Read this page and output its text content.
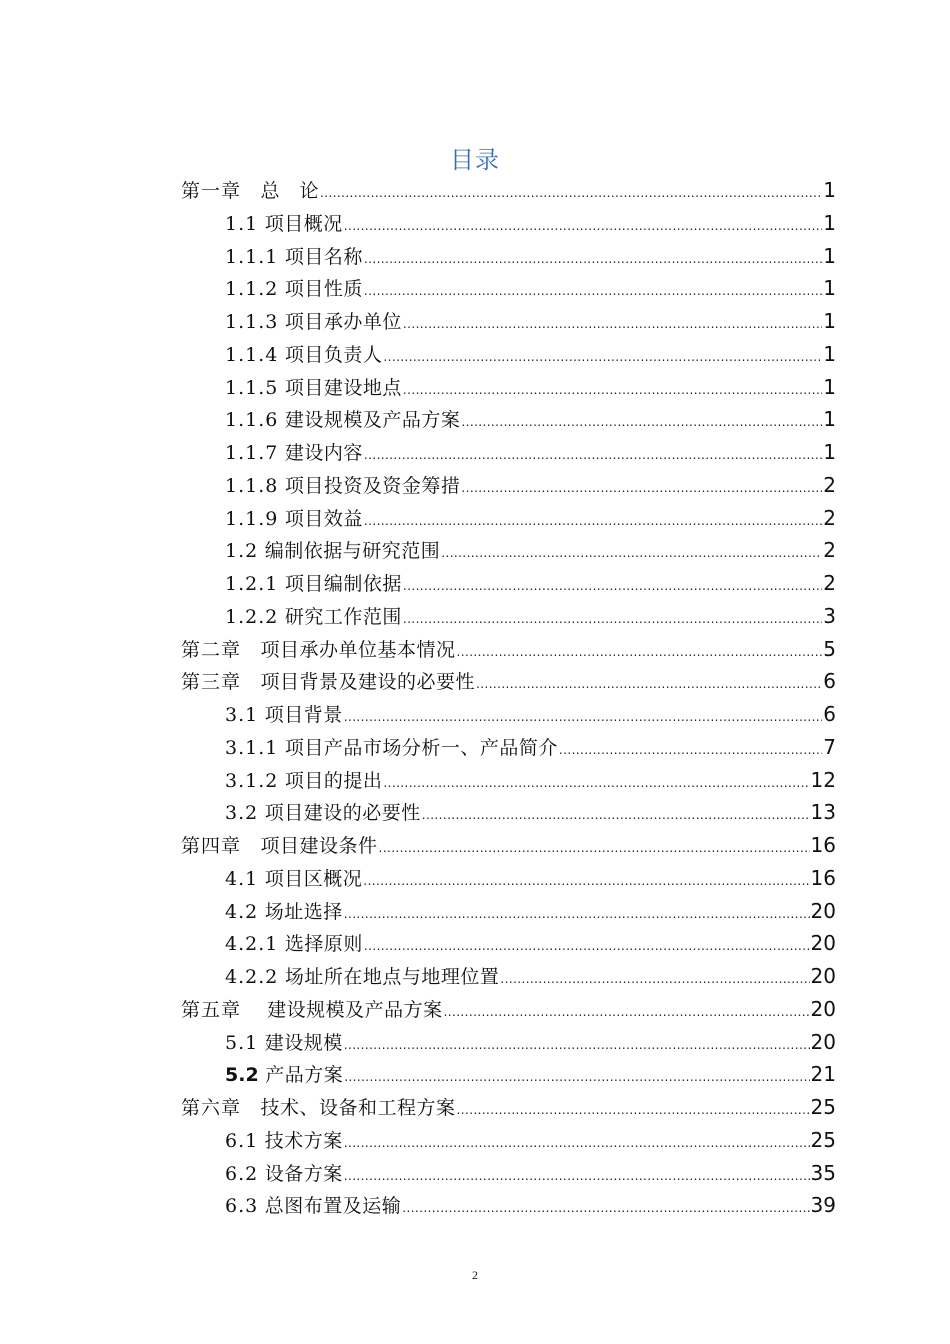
目录
第一章　 总　论 .....	1
1.1 项目概况 .....	1
1.1.1 项目名称 .....	1
1.1.2 项目性质 .....	1
1.1.3 项目承办单位 .....	1
1.1.4 项目负责人 .....	1
1.1.5 项目建设地点 .....	1
1.1.6 建设规模及产品方案 .....	1
1.1.7 建设内容 .....	1
1.1.8 项目投资及资金筹措 .....	2
1.1.9 项目效益 .....	2
1.2 编制依据与研究范围 .....	2
1.2.1 项目编制依据 .....	2
1.2.2 研究工作范围 .....	3
第二章　 项目承办单位基本情况 .....	5
第三章　 项目背景及建设的必要性 .....	6
3.1 项目背景 .....	6
3.1.1 项目产品市场分析一、产品简介 .....	7
3.1.2 项目的提出 .....	12
3.2 项目建设的必要性 .....	13
第四章　 项目建设条件 .....	16
4.1 项目区概况 .....	16
4.2 场址选择 .....	20
4.2.1 选择原则 .....	20
4.2.2 场址所在地点与地理位置 .....	20
第五章　 建设规模及产品方案 .....	20
5.1 建设规模 .....	20
5.2 产品方案 .....	21
第六章　 技术、设备和工程方案 .....	25
6.1 技术方案 .....	25
6.2 设备方案 .....	35
6.3 总图布置及运输 .....	39
2
